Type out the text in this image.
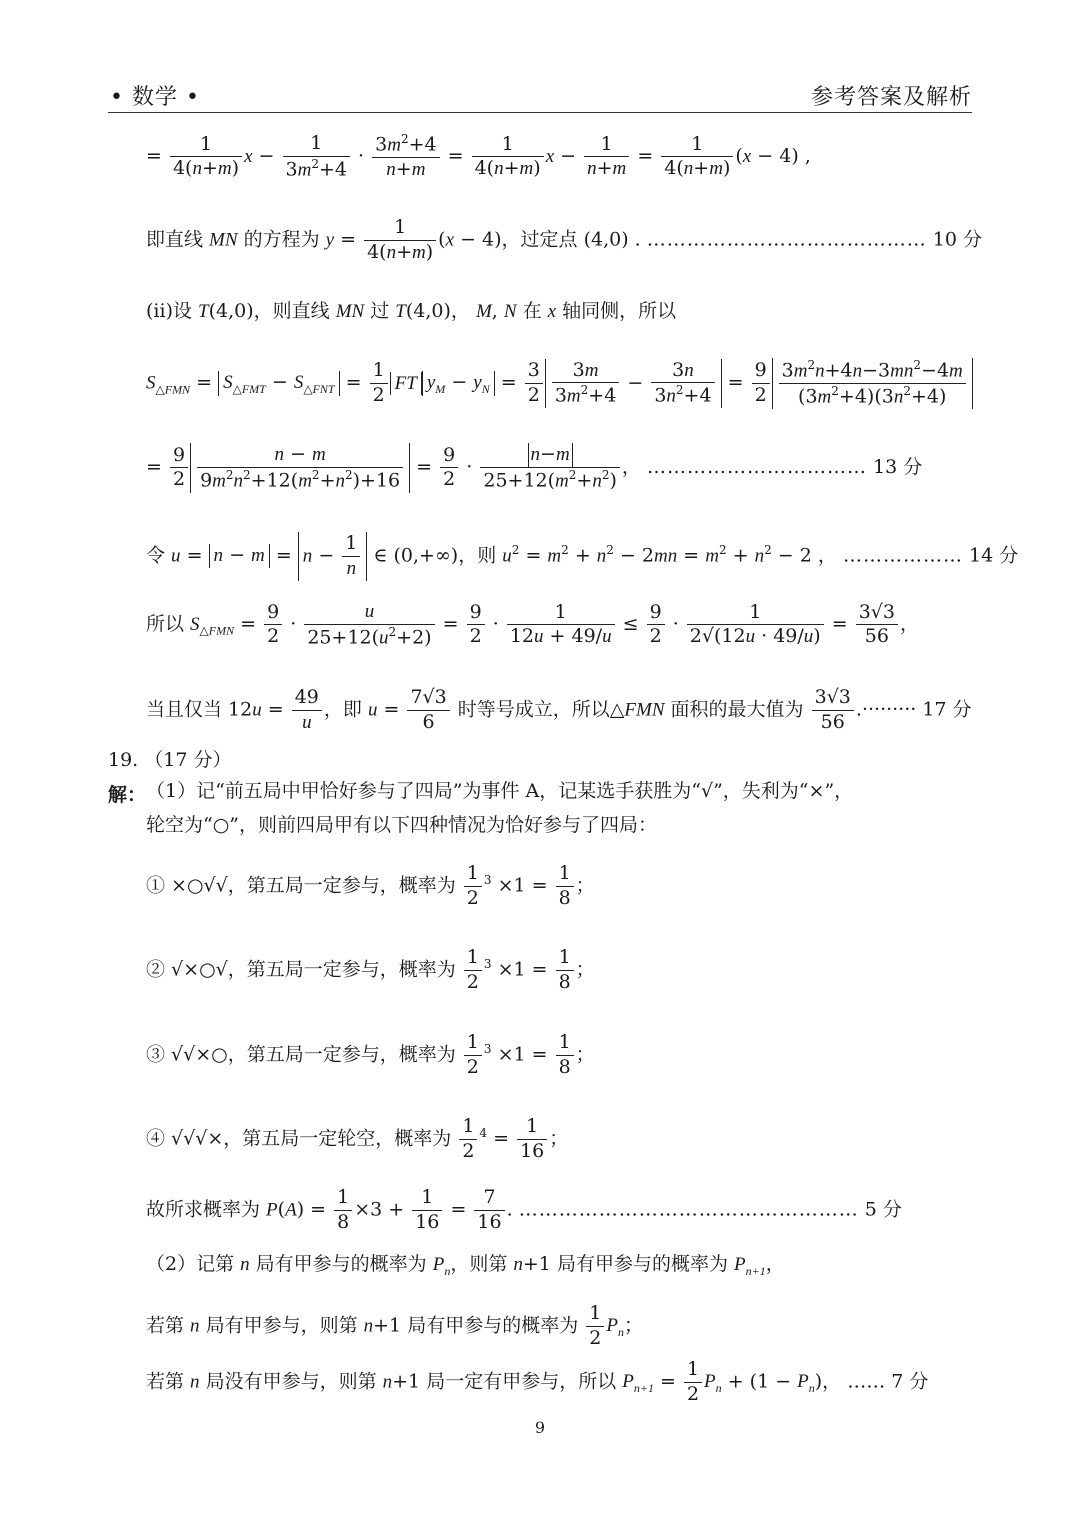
• 数学 •	参考答案及解析
= $\frac{1}{4(n+m)}$ $x - \frac{1}{3m^2+4} \cdot \frac{3m^2+4}{n+m} = \frac{1}{4(n+m)}$ $x - \frac{1}{n+m} = \frac{1}{4(n+m)} (x - 4)$ ,
即直线 MN 的方程为 $y = \frac{1}{4(n+m)} (x - 4)$，过定点 (4,0) . …………………………………… 10 分
(ii)设 T(4,0)，则直线 MN 过 T(4,0)， M, N 在 x 轴同侧，所以
$S_{\triangle FMN} = S_{\triangle FMT} - S_{\triangle FNT} = \frac{1}{2}$ FT $y_M - y_N = \frac{3}{2} \frac{3m}{3m^2+4} - \frac{3n}{3n^2+4} = \frac{9}{2} \frac{3m^2n+4n-3mn^2-4m}{(3m^2+4)(3n^2+4)}$
= $\frac{9}{2} \frac{n - m}{9m^2n^2+12(m^2+n^2)+16} = \frac{9}{2} \cdot \frac{n-m}{25+12(m^2+n^2)}$ ， …………………………… 13 分
令 $u = n - m = n - \frac{1}{n}$ ∈ (0,+∞)，则 $u^2 = m^2 + n^2 - 2mn = m^2 + n^2 - 2$ ， ……………… 14 分
所以 $S_{\triangle FMN} = \frac{9}{2} \cdot \frac{u}{25+12(u^2+2)} = \frac{9}{2} \cdot \frac{1}{12u + 49/u} \le \frac{9}{2} \cdot \frac{1}{2√(12u \cdot 49/u)} = \frac{3√3}{56}$ ，
当且仅当 $12u = \frac{49}{u}$ ，即 $u = \frac{7√3}{6}$ 时等号成立，所以△FMN 面积的最大值为 $\frac{3√3}{56}$ .········· 17 分
19. （17 分）
解： （1）记“前五局中甲恰好参与了四局”为事件 A，记某选手获胜为“√”，失利为“×”，
轮空为“○”，则前四局甲有以下四种情况为恰好参与了四局：
① ×○√√，第五局一定参与，概率为 $\frac{1}{2} ^3 \times 1 = \frac{1}{8}$ ；
② √×○√，第五局一定参与，概率为 $\frac{1}{2} ^3 \times 1 = \frac{1}{8}$ ；
③ √√×○，第五局一定参与，概率为 $\frac{1}{2} ^3 \times 1 = \frac{1}{8}$ ；
④ √√√×，第五局一定轮空，概率为 $\frac{1}{2} ^4 = \frac{1}{16}$ ；
故所求概率为 $P(A) = \frac{1}{8} \times 3 + \frac{1}{16} = \frac{7}{16}$ . …………………………………………… 5 分
（2）记第 n 局有甲参与的概率为 $P_n$，则第 n+1 局有甲参与的概率为 $P_{n+1}$，
若第 n 局有甲参与，则第 n+1 局有甲参与的概率为 $\frac{1}{2} P_n$；
若第 n 局没有甲参与，则第 n+1 局一定有甲参与，所以 $P_{n+1} = \frac{1}{2} P_n + (1 - P_n)$， …… 7 分
9
